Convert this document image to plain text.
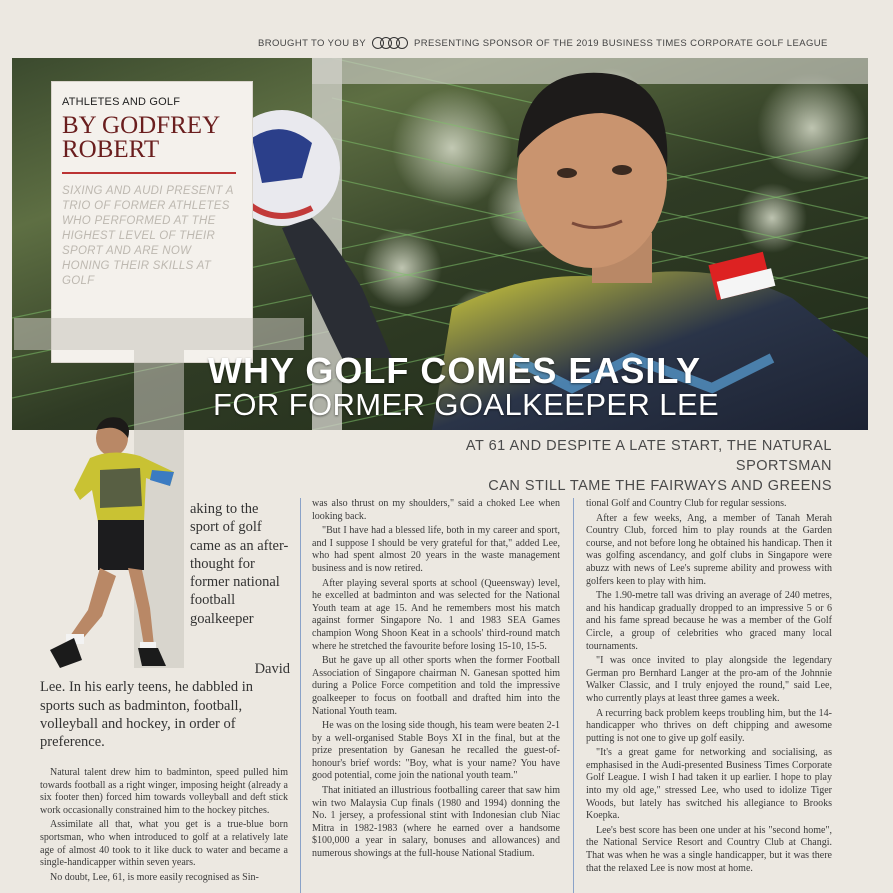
BROUGHT TO YOU BY	PRESENTING SPONSOR OF THE 2019 BUSINESS TIMES CORPORATE GOLF LEAGUE
ATHLETES AND GOLF
BY GODFREY
ROBERT
SIXING AND AUDI PRESENT A TRIO OF FORMER ATHLETES WHO PERFORMED AT THE HIGHEST LEVEL OF THEIR SPORT AND ARE NOW HONING THEIR SKILLS AT GOLF
WHY GOLF COMES EASILY
FOR FORMER GOALKEEPER LEE
AT 61 AND DESPITE A LATE START, THE NATURAL SPORTSMAN
CAN STILL TAME THE FAIRWAYS AND GREENS
aking to the sport of golf came as an after-thought for former national football goalkeeper
David
Lee. In his early teens, he dabbled in sports such as badminton, football, volleyball and hockey, in order of preference.

Natural talent drew him to badminton, speed pulled him towards football as a right winger, imposing height (already a six footer then) forced him towards volleyball and deft stick work occasionally constrained him to the hockey pitches.

Assimilate all that, what you get is a true-blue born sportsman, who when introduced to golf at a relatively late age of almost 40 took to it like duck to water and became a single-handicapper within seven years.

No doubt, Lee, 61, is more easily recognised as Sin-

was also thrust on my shoulders," said a choked Lee when looking back.

"But I have had a blessed life, both in my career and sport, and I suppose I should be very grateful for that," added Lee, who had spent almost 20 years in the waste management business and is now retired.

After playing several sports at school (Queensway) level, he excelled at badminton and was selected for the National Youth team at age 15. And he remembers most his match against former Singapore No. 1 and 1983 SEA Games champion Wong Shoon Keat in a schools' third-round match where he stretched the favourite before losing 15-10, 15-5.

But he gave up all other sports when the former Football Association of Singapore chairman N. Ganesan spotted him during a Police Force competition and told the impressive goalkeeper to focus on football and drafted him into the National Youth team.

He was on the losing side though, his team were beaten 2-1 by a well-organised Stable Boys XI in the final, but at the prize presentation by Ganesan he recalled the guest-of-honour's brief words: "Boy, what is your name? You have good potential, come join the national youth team."

That initiated an illustrious footballing career that saw him win two Malaysia Cup finals (1980 and 1994) donning the No. 1 jersey, a professional stint with Indonesian club Niac Mitra in 1982-1983 (where he earned over a handsome $100,000 a year in salary, bonuses and allowances) and numerous showings at the full-house National Stadium.

tional Golf and Country Club for regular sessions.

After a few weeks, Ang, a member of Tanah Merah Country Club, forced him to play rounds at the Garden course, and not before long he obtained his handicap. Then it was golfing ascendancy, and golf clubs in Singapore were abuzz with news of Lee's supreme ability and prowess with golfers keen to play with him.

The 1.90-metre tall was driving an average of 240 metres, and his handicap gradually dropped to an impressive 5 or 6 and his fame spread because he was a member of the Golf Circle, a group of celebrities who graced many local tournaments.

"I was once invited to play alongside the legendary German pro Bernhard Langer at the pro-am of the Johnnie Walker Classic, and I truly enjoyed the round," said Lee, who currently plays at least three games a week.

A recurring back problem keeps troubling him, but the 14-handicapper who thrives on deft chipping and awesome putting is not one to give up golf easily.

"It's a great game for networking and socialising, as emphasised in the Audi-presented Business Times Corporate Golf League. I wish I had taken it up earlier. I hope to play into my old age," stressed Lee, who used to idolize Tiger Woods, but lately has switched his allegiance to Brooks Koepka.

Lee's best score has been one under at his "second home", the National Service Resort and Country Club at Changi. That was when he was a single handicapper, but it was there that the relaxed Lee is now most at home.
